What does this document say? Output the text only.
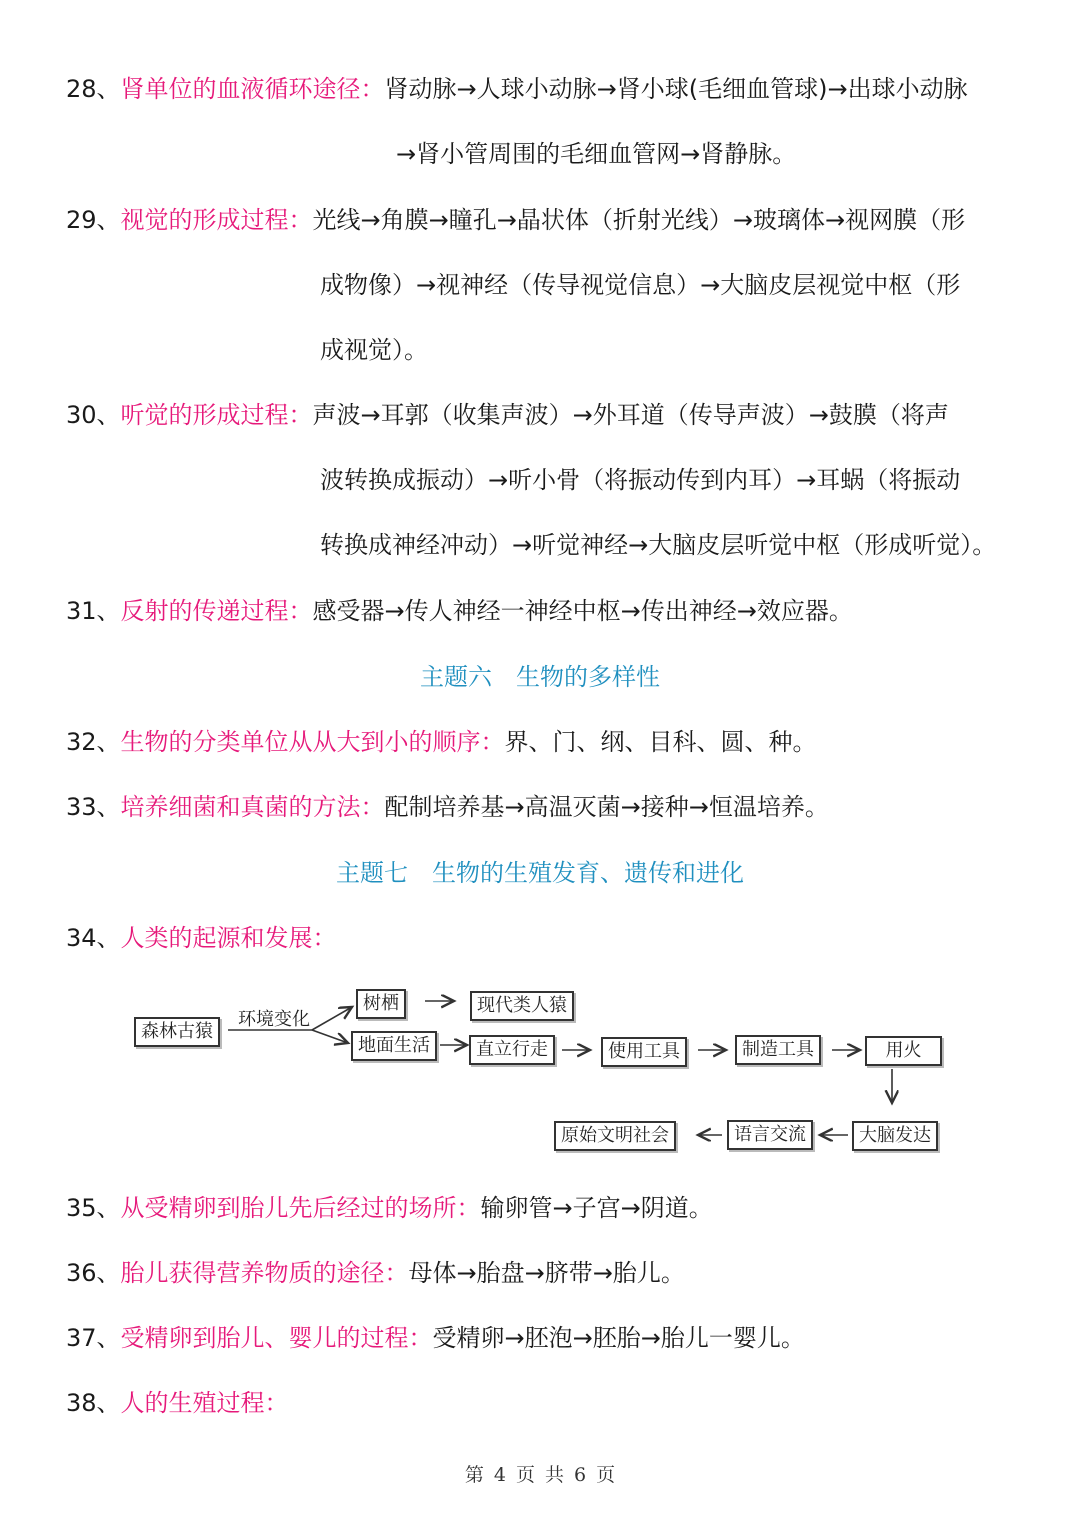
28、肾单位的血液循环途径：肾动脉→人球小动脉→肾小球(毛细血管球)→出球小动脉
→肾小管周围的毛细血管网→肾静脉。
29、视觉的形成过程：光线→角膜→瞳孔→晶状体（折射光线）→玻璃体→视网膜（形
成物像）→视神经（传导视觉信息）→大脑皮层视觉中枢（形
成视觉）。
30、听觉的形成过程：声波→耳郭（收集声波）→外耳道（传导声波）→鼓膜（将声
波转换成振动）→听小骨（将振动传到内耳）→耳蜗（将振动
转换成神经冲动）→听觉神经→大脑皮层听觉中枢（形成听觉）。
31、反射的传递过程：感受器→传人神经一神经中枢→传出神经→效应器。
主题六　生物的多样性
32、生物的分类单位从从大到小的顺序：界、门、纲、目科、圆、种。
33、培养细菌和真菌的方法：配制培养基→高温灭菌→接种→恒温培养。
主题七　生物的生殖发育、遗传和进化
34、人类的起源和发展：
森林古猿
环境变化
树栖	现代类人猿
地面生活	直立行走	使用工具	制造工具	用火
大脑发达
语言交流
原始文明社会
35、从受精卵到胎儿先后经过的场所：输卵管→子宫→阴道。
36、胎儿获得营养物质的途径：母体→胎盘→脐带→胎儿。
37、受精卵到胎儿、婴儿的过程：受精卵→胚泡→胚胎→胎儿一婴儿。
38、人的生殖过程：
第 4 页 共 6 页
